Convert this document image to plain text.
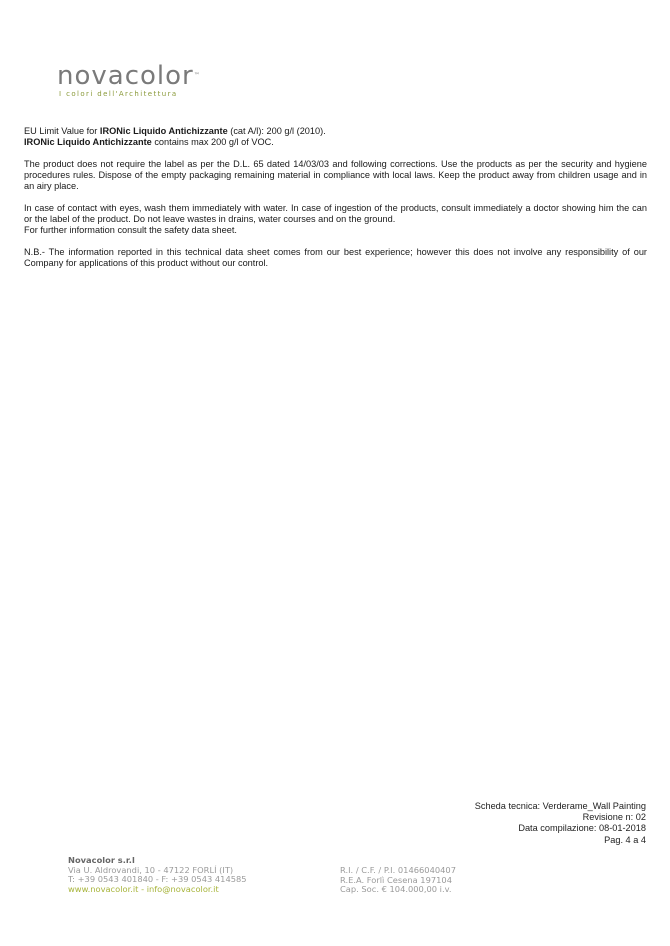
novacolor™
I colori dell'Architettura

EU Limit Value for IRONic Liquido Antichizzante (cat A/l): 200 g/l (2010).

IRONic Liquido Antichizzante contains max 200 g/l of VOC.

The product does not require the label as per the D.L. 65 dated 14/03/03 and following corrections. Use the products as per the security and hygiene procedures rules. Dispose of the empty packaging remaining material in compliance with local laws. Keep the product away from children usage and in an airy place.

In case of contact with eyes, wash them immediately with water. In case of ingestion of the products, consult immediately a doctor showing him the can or the label of the product. Do not leave wastes in drains, water courses and on the ground.

For further information consult the safety data sheet.

N.B.- The information reported in this technical data sheet comes from our best experience; however this does not involve any responsibility of our Company for applications of this product without our control.

Scheda tecnica: Verderame_Wall Painting
Revisione n: 02
Data compilazione: 08-01-2018
Pag. 4 a 4
Novacolor s.r.l
Via U. Aldrovandi, 10 - 47122 FORLÍ (IT)
T: +39 0543 401840 - F: +39 0543 414585
www.novacolor.it - info@novacolor.it
R.I. / C.F. / P.I. 01466040407
R.E.A. Forlì Cesena 197104
Cap. Soc. € 104.000,00 i.v.
